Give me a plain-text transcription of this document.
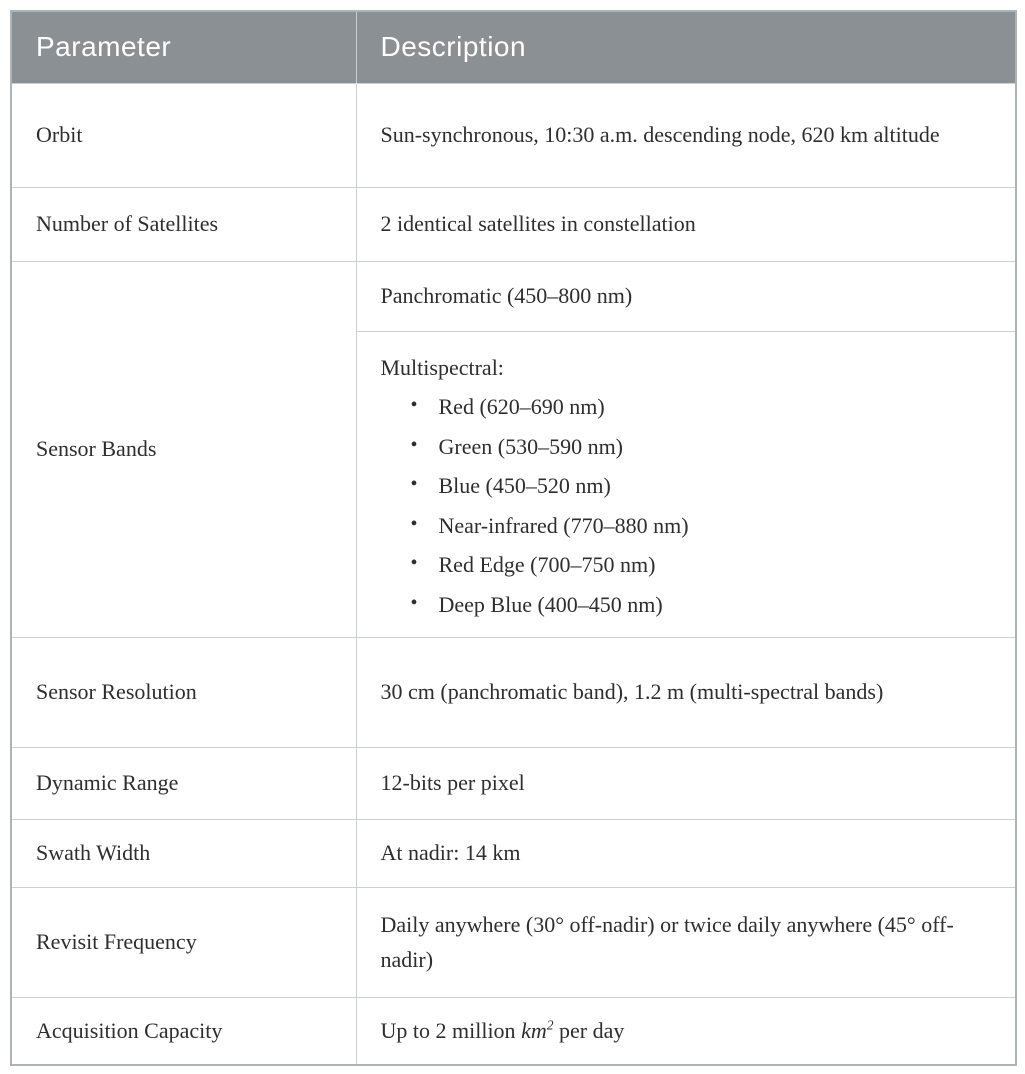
Parameter	Description
Orbit	Sun-synchronous, 10:30 a.m. descending node, 620 km altitude
Number of Satellites	2 identical satellites in constellation
Sensor Bands	Panchromatic (450–800 nm)

Multispectral:
• Red (620–690 nm)
• Green (530–590 nm)
• Blue (450–520 nm)
• Near-infrared (770–880 nm)
• Red Edge (700–750 nm)
• Deep Blue (400–450 nm)

Sensor Resolution	30 cm (panchromatic band), 1.2 m (multi-spectral bands)
Dynamic Range	12-bits per pixel
Swath Width	At nadir: 14 km
Revisit Frequency	Daily anywhere (30° off-nadir) or twice daily anywhere (45° off-nadir)
Acquisition Capacity	Up to 2 million $km^2$ per day
